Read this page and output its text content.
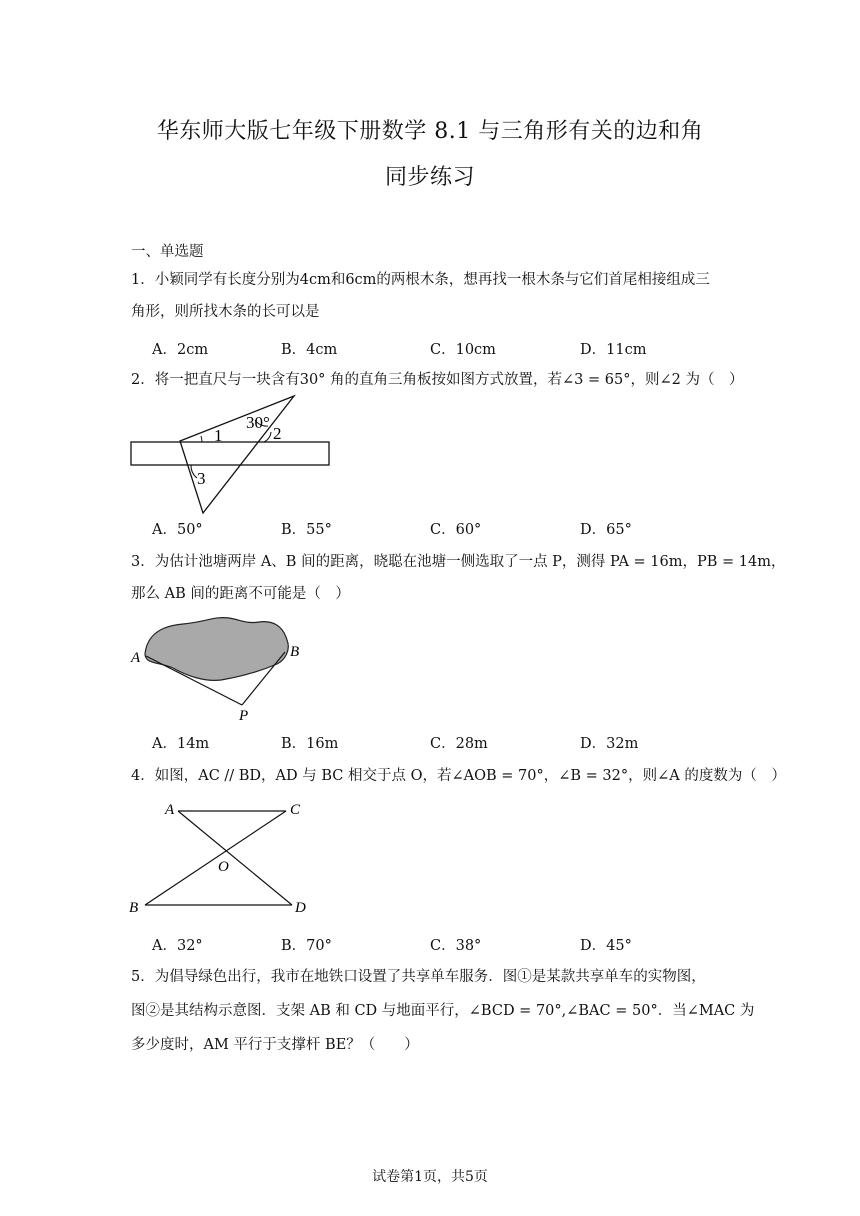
华东师大版七年级下册数学 8.1 与三角形有关的边和角
同步练习
一、单选题
1．小颖同学有长度分别为4cm和6cm的两根木条，想再找一根木条与它们首尾相接组成三
角形，则所找木条的长可以是
A．2cm	B．4cm	C．10cm	D．11cm
2．将一把直尺与一块含有30° 角的直角三角板按如图方式放置，若∠3 = 65°，则∠2 为（　）
1
30°
2
3
A．50°	B．55°	C．60°	D．65°
3．为估计池塘两岸 A、B 间的距离，晓聪在池塘一侧选取了一点 P，测得 PA = 16m，PB = 14m，
那么 AB 间的距离不可能是（　）
A	B
P
A．14m	B．16m	C．28m	D．32m
4．如图，AC // BD，AD 与 BC 相交于点 O，若∠AOB = 70°，∠B = 32°，则∠A 的度数为（　）
A	C
O
B	D
A．32°	B．70°	C．38°	D．45°
5．为倡导绿色出行，我市在地铁口设置了共享单车服务．图①是某款共享单车的实物图，
图②是其结构示意图．支架 AB 和 CD 与地面平行，∠BCD = 70°,∠BAC = 50°．当∠MAC 为
多少度时，AM 平行于支撑杆 BE？（　　）
试卷第1页，共5页
